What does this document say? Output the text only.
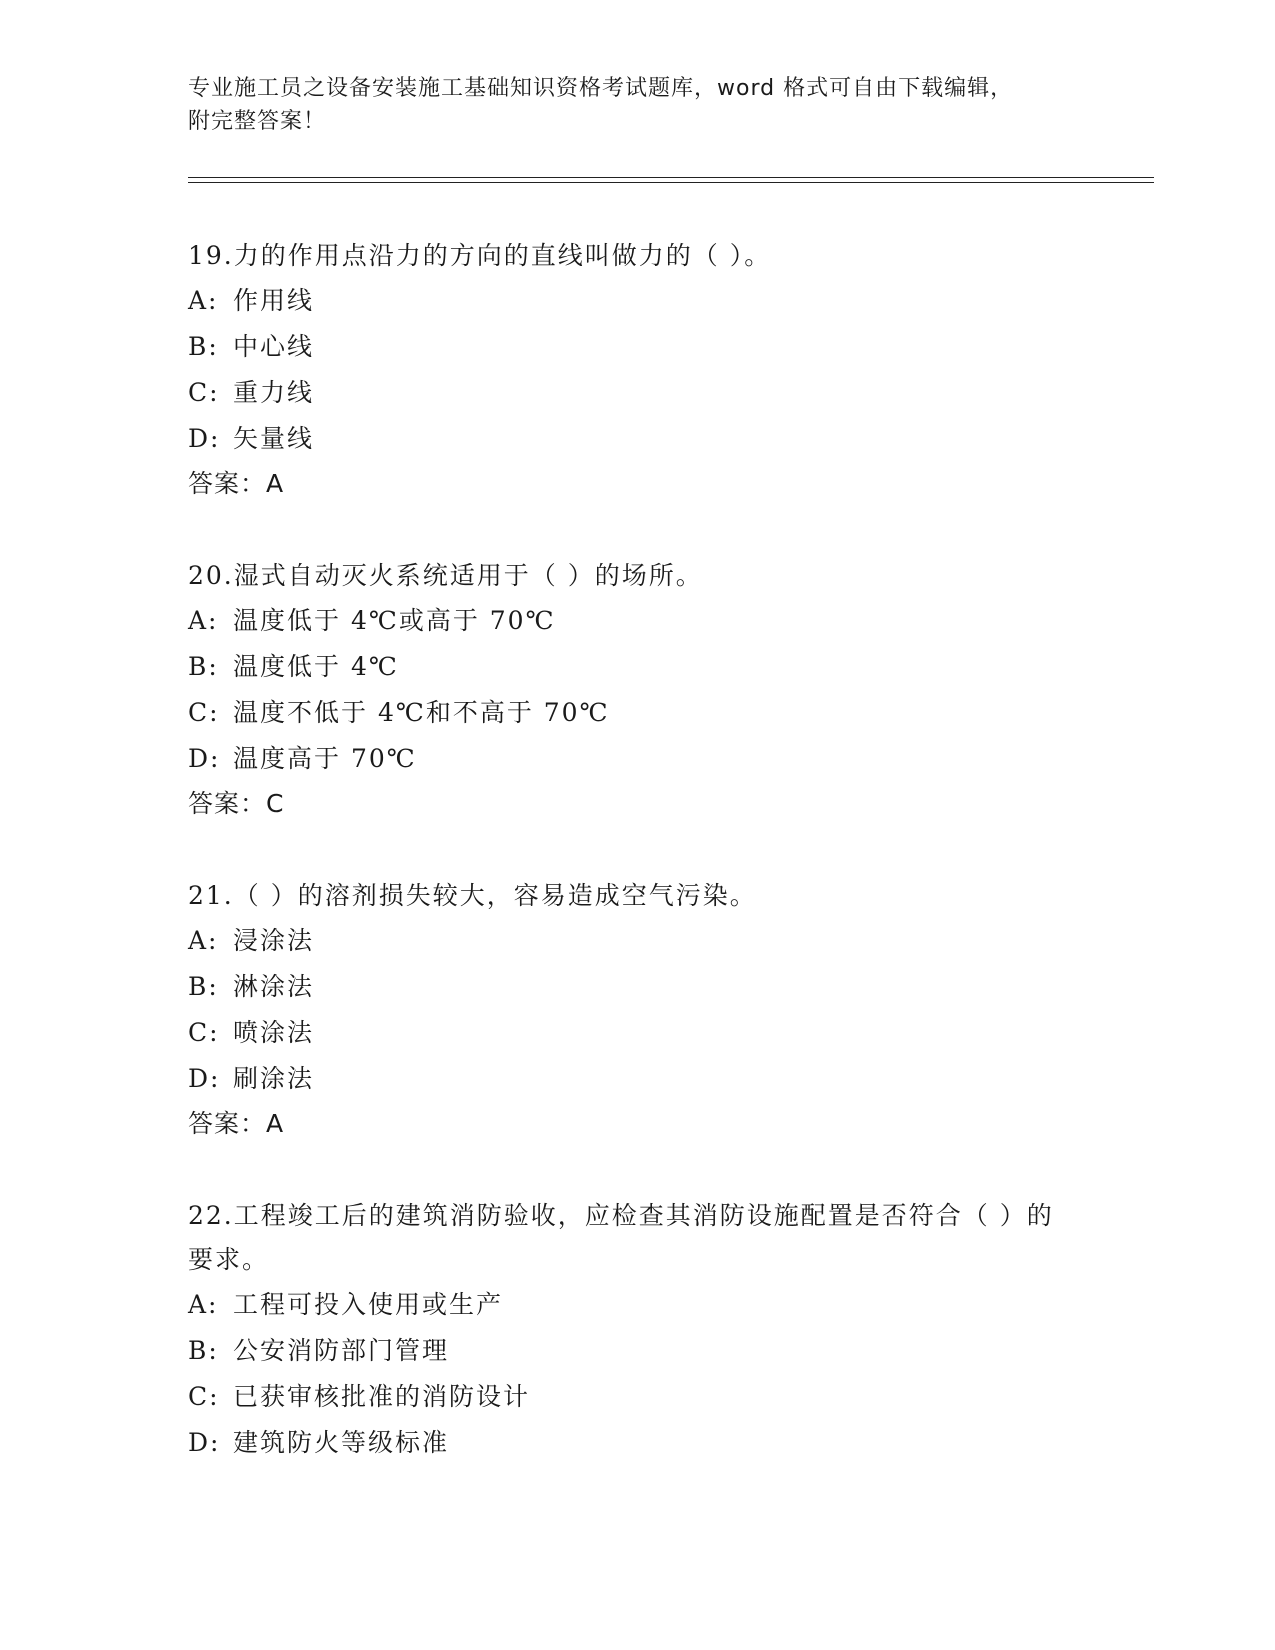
专业施工员之设备安装施工基础知识资格考试题库，word 格式可自由下载编辑，
附完整答案！

19.力的作用点沿力的方向的直线叫做力的（ ）。

A: 作用线

B: 中心线

C: 重力线

D: 矢量线

答案：A

20.湿式自动灭火系统适用于（ ）的场所。

A: 温度低于 4℃或高于 70℃

B: 温度低于 4℃

C: 温度不低于 4℃和不高于 70℃

D: 温度高于 70℃

答案：C

21.（ ）的溶剂损失较大，容易造成空气污染。

A: 浸涂法

B: 淋涂法

C: 喷涂法

D: 刷涂法

答案：A

22.工程竣工后的建筑消防验收，应检查其消防设施配置是否符合（ ）的要求。

A: 工程可投入使用或生产

B: 公安消防部门管理

C: 已获审核批准的消防设计

D: 建筑防火等级标准
